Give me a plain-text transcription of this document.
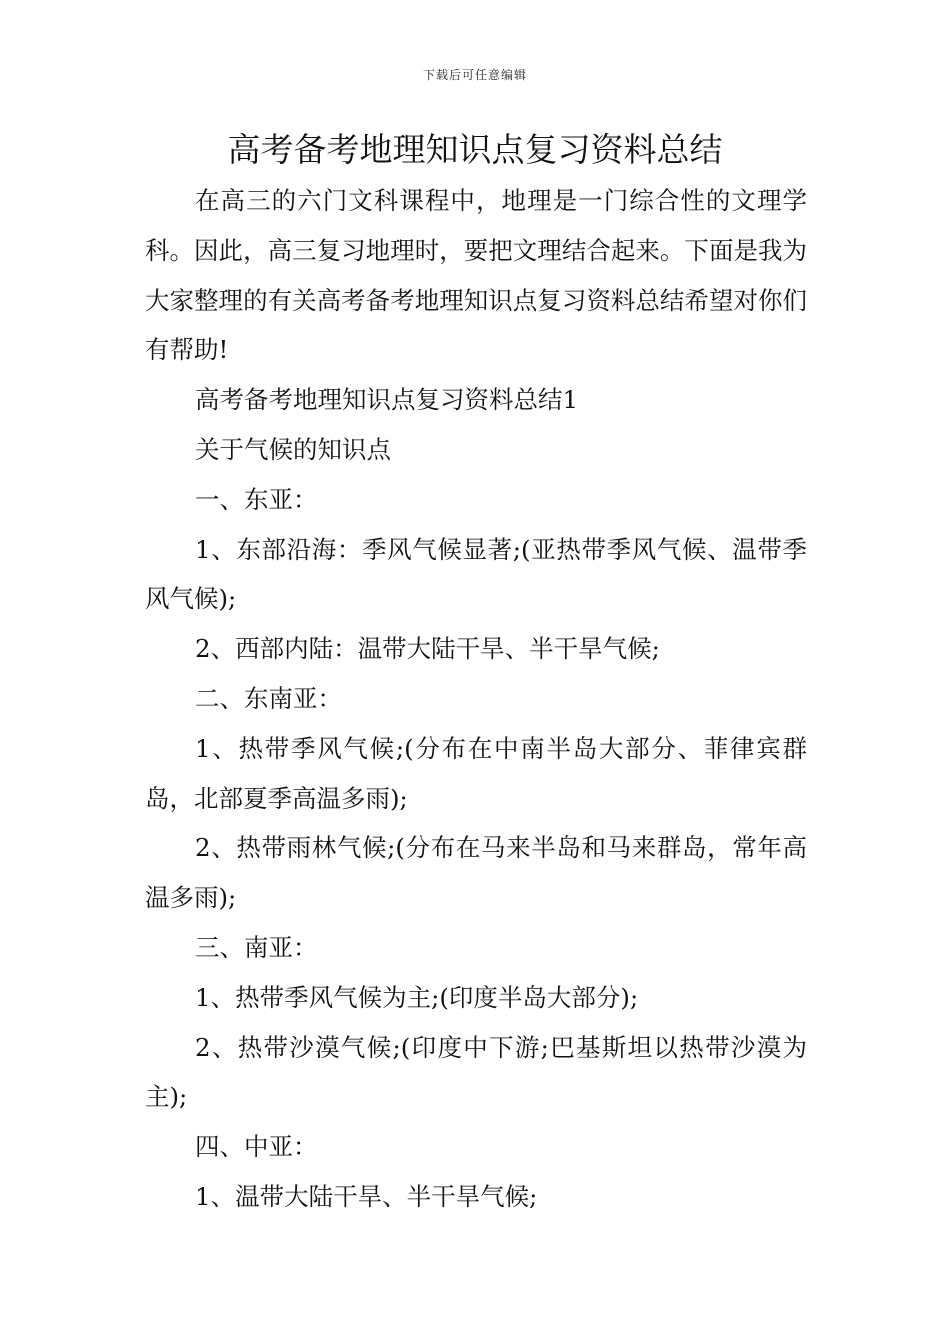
下载后可任意编辑
高考备考地理知识点复习资料总结

在高三的六门文科课程中，地理是一门综合性的文理学科。因此，高三复习地理时，要把文理结合起来。下面是我为大家整理的有关高考备考地理知识点复习资料总结希望对你们有帮助!

高考备考地理知识点复习资料总结1

关于气候的知识点

一、东亚：

1、东部沿海：季风气候显著;(亚热带季风气候、温带季风气候);

2、西部内陆：温带大陆干旱、半干旱气候;

二、东南亚：

1、热带季风气候;(分布在中南半岛大部分、菲律宾群岛，北部夏季高温多雨);

2、热带雨林气候;(分布在马来半岛和马来群岛，常年高温多雨);

三、南亚：

1、热带季风气候为主;(印度半岛大部分);

2、热带沙漠气候;(印度中下游;巴基斯坦以热带沙漠为主);

四、中亚：

1、温带大陆干旱、半干旱气候;
